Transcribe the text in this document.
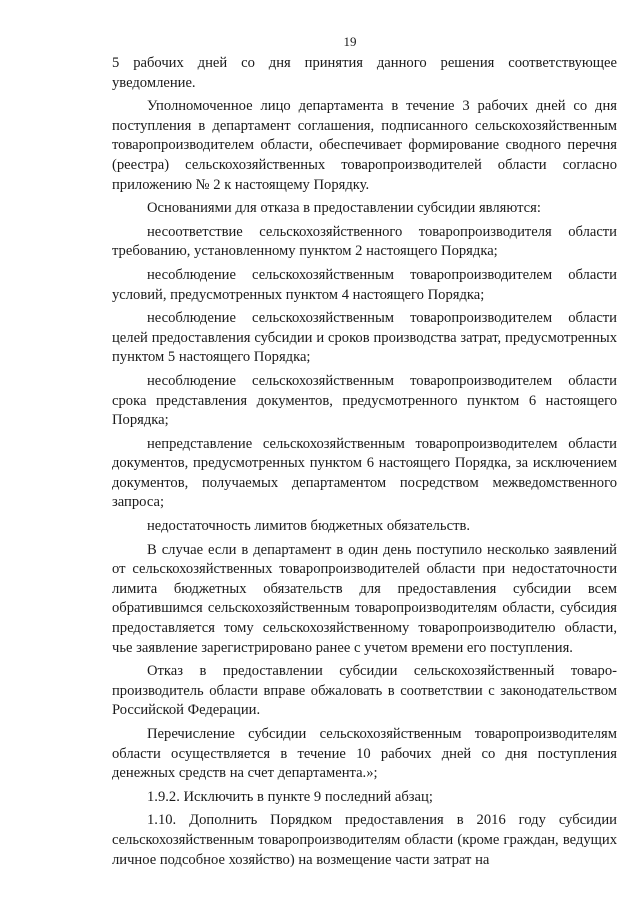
19

5 рабочих дней со дня принятия данного решения соответствующее уведомление.

Уполномоченное лицо департамента в течение 3 рабочих дней со дня поступления в департамент соглашения, подписанного сельскохозяйственным товаропроизводителем области, обеспечивает формирование сводного перечня (реестра) сельскохозяйственных товаропроизводителей области согласно приложению № 2 к настоящему Порядку.

Основаниями для отказа в предоставлении субсидии являются:

несоответствие сельскохозяйственного товаропроизводителя области требованию, установленному пунктом 2 настоящего Порядка;

несоблюдение сельскохозяйственным товаропроизводителем области условий, предусмотренных пунктом 4 настоящего Порядка;

несоблюдение сельскохозяйственным товаропроизводителем области целей предоставления субсидии и сроков производства затрат, предусмотренных пунктом 5 настоящего Порядка;

несоблюдение сельскохозяйственным товаропроизводителем области срока представления документов, предусмотренного пунктом 6 настоящего Порядка;

непредставление сельскохозяйственным товаропроизводителем области документов, предусмотренных пунктом 6 настоящего Порядка, за исключением документов, получаемых департаментом посредством межведомственного запроса;

недостаточность лимитов бюджетных обязательств.

В случае если в департамент в один день поступило несколько заявлений от сельскохозяйственных товаропроизводителей области при недостаточности лимита бюджетных обязательств для предоставления субсидии всем обратившимся сельскохозяйственным товаропроизводителям области, субсидия предоставляется тому сельскохозяйственному товаропроизводителю области, чье заявление зарегистрировано ранее с учетом времени его поступления.

Отказ в предоставлении субсидии сельскохозяйственный товаропроизводитель области вправе обжаловать в соответствии с законодательством Российской Федерации.

Перечисление субсидии сельскохозяйственным товаропроизводителям области осуществляется в течение 10 рабочих дней со дня поступления денежных средств на счет департамента.»;

1.9.2. Исключить в пункте 9 последний абзац;

1.10. Дополнить Порядком предоставления в 2016 году субсидии сельскохозяйственным товаропроизводителям области (кроме граждан, ведущих личное подсобное хозяйство) на возмещение части затрат на
